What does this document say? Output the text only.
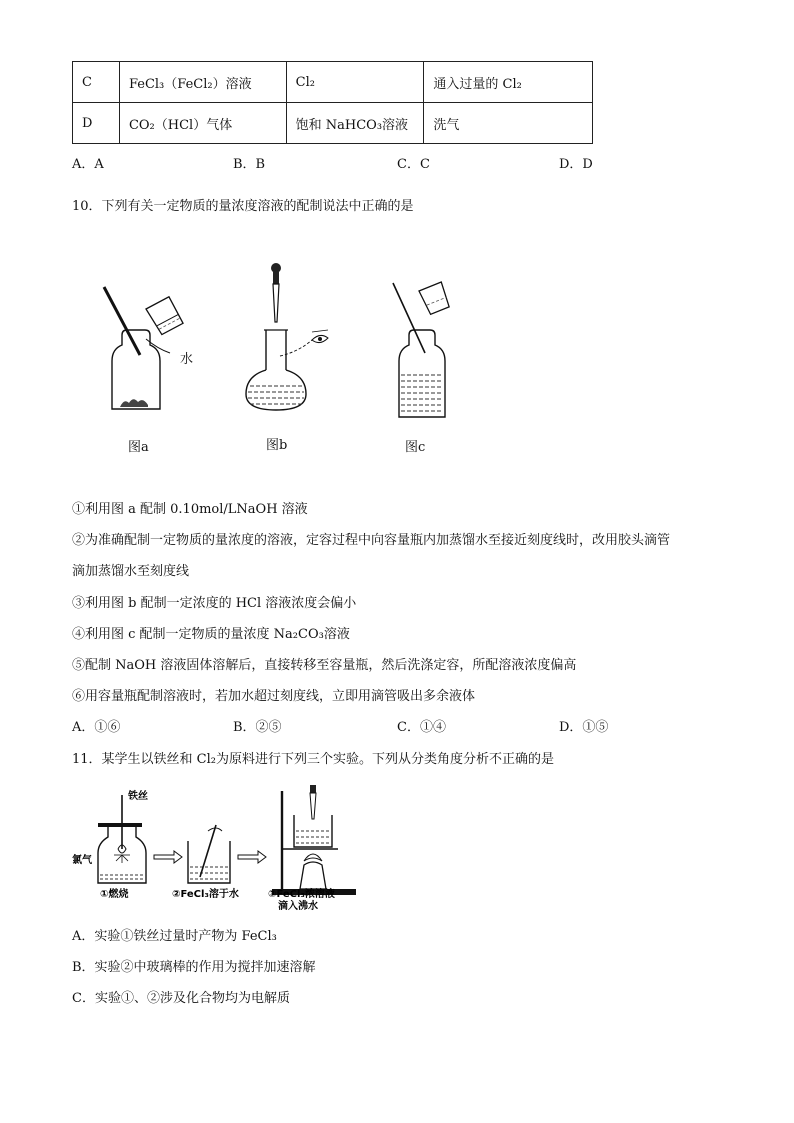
C	FeCl₃（FeCl₂）溶液	Cl₂	通入过量的 Cl₂
D	CO₂（HCl）气体	饱和 NaHCO₃溶液	洗气
A．A	B．B	C．C	D．D
10．下列有关一定物质的量浓度溶液的配制说法中正确的是
水
图a	图b	图c
①利用图 a 配制 0.10mol/LNaOH 溶液
②为准确配制一定物质的量浓度的溶液，定容过程中向容量瓶内加蒸馏水至接近刻度线时，改用胶头滴管
滴加蒸馏水至刻度线
③利用图 b 配制一定浓度的 HCl 溶液浓度会偏小
④利用图 c 配制一定物质的量浓度 Na₂CO₃溶液
⑤配制 NaOH 溶液固体溶解后，直接转移至容量瓶，然后洗涤定容，所配溶液浓度偏高
⑥用容量瓶配制溶液时，若加水超过刻度线，立即用滴管吸出多余液体
A．①⑥	B．②⑤	C．①④	D．①⑤
11．某学生以铁丝和 Cl₂为原料进行下列三个实验。下列从分类角度分析不正确的是
铁丝
氯气
①燃烧	②FeCl₃溶于水	③FeCl₃浓溶液
滴入沸水
A．实验①铁丝过量时产物为 FeCl₃
B．实验②中玻璃棒的作用为搅拌加速溶解
C．实验①、②涉及化合物均为电解质
